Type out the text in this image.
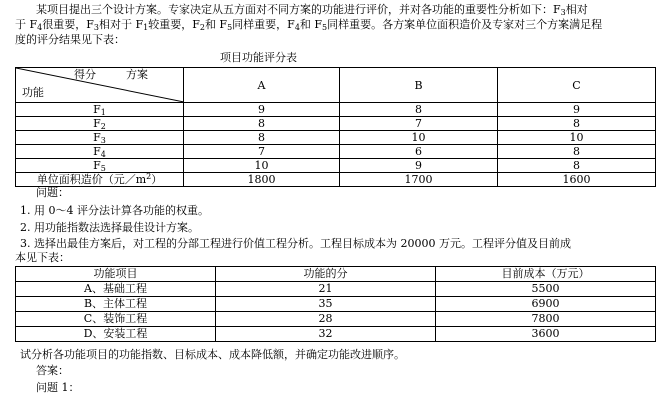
某项目提出三个设计方案。专家决定从五方面对不同方案的功能进行评价，并对各功能的重要性分析如下：$F_3$相对
于 $F_4$很重要，$F_3$相对于 $F_1$较重要，$F_2$和 $F_5$同样重要，$F_4$和 $F_5$同样重要。各方案单位面积造价及专家对三个方案满足程
度的评分结果见下表：
项目功能评分表
得分 方案
功能	A	B	C
$F_1$	9	8	9
$F_2$	8	7	8
$F_3$	8	10	10
$F_4$	7	6	8
$F_5$	10	9	8
单位面积造价（元$/m^2$）	1800	1700	1600
问题：
1. 用 0～4 评分法计算各功能的权重。
2. 用功能指数法选择最佳设计方案。
3. 选择出最佳方案后，对工程的分部工程进行价值工程分析。工程目标成本为 20000 万元。工程评分值及目前成
本见下表：
功能项目	功能的分	目前成本（万元）
A、基础工程	21	5500
B、主体工程	35	6900
C、装饰工程	28	7800
D、安装工程	32	3600
试分析各功能项目的功能指数、目标成本、成本降低额，并确定功能改进顺序。
答案：
问题 1：
